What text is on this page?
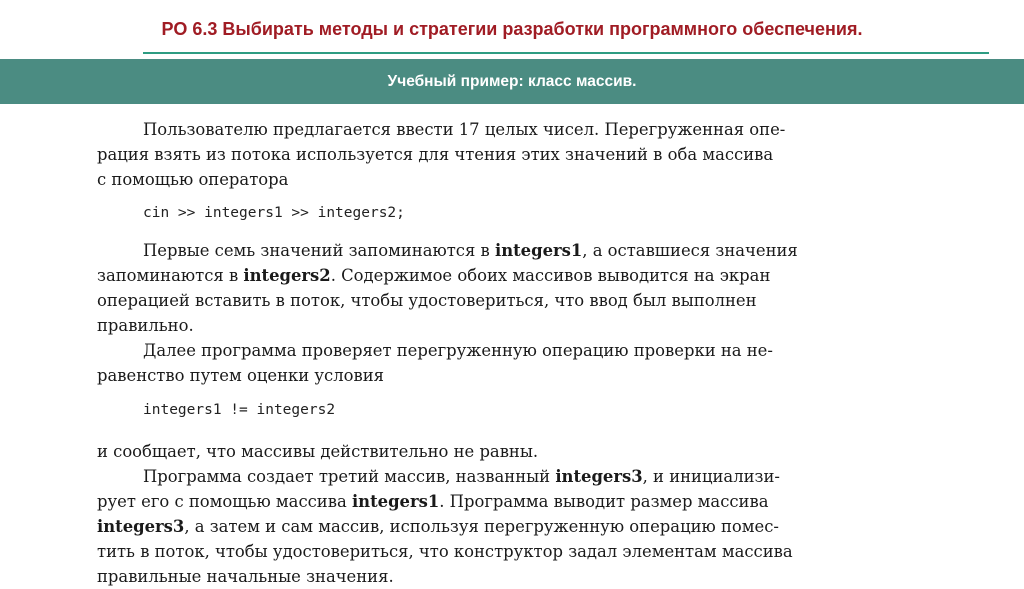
РО 6.3 Выбирать методы и стратегии разработки программного обеспечения.
Учебный пример: класс массив.
Пользователю предлагается ввести 17 целых чисел. Перегруженная опе-
рация взять из потока используется для чтения этих значений в оба массива
с помощью оператора
cin >> integers1 >> integers2;
Первые семь значений запоминаются в integers1, а оставшиеся значения
запоминаются в integers2. Содержимое обоих массивов выводится на экран
операцией вставить в поток, чтобы удостовериться, что ввод был выполнен
правильно.
Далее программа проверяет перегруженную операцию проверки на не-
равенство путем оценки условия
integers1 != integers2
и сообщает, что массивы действительно не равны.
Программа создает третий массив, названный integers3, и инициализи-
рует его с помощью массива integers1. Программа выводит размер массива
integers3, а затем и сам массив, используя перегруженную операцию помес-
тить в поток, чтобы удостовериться, что конструктор задал элементам массива
правильные начальные значения.
